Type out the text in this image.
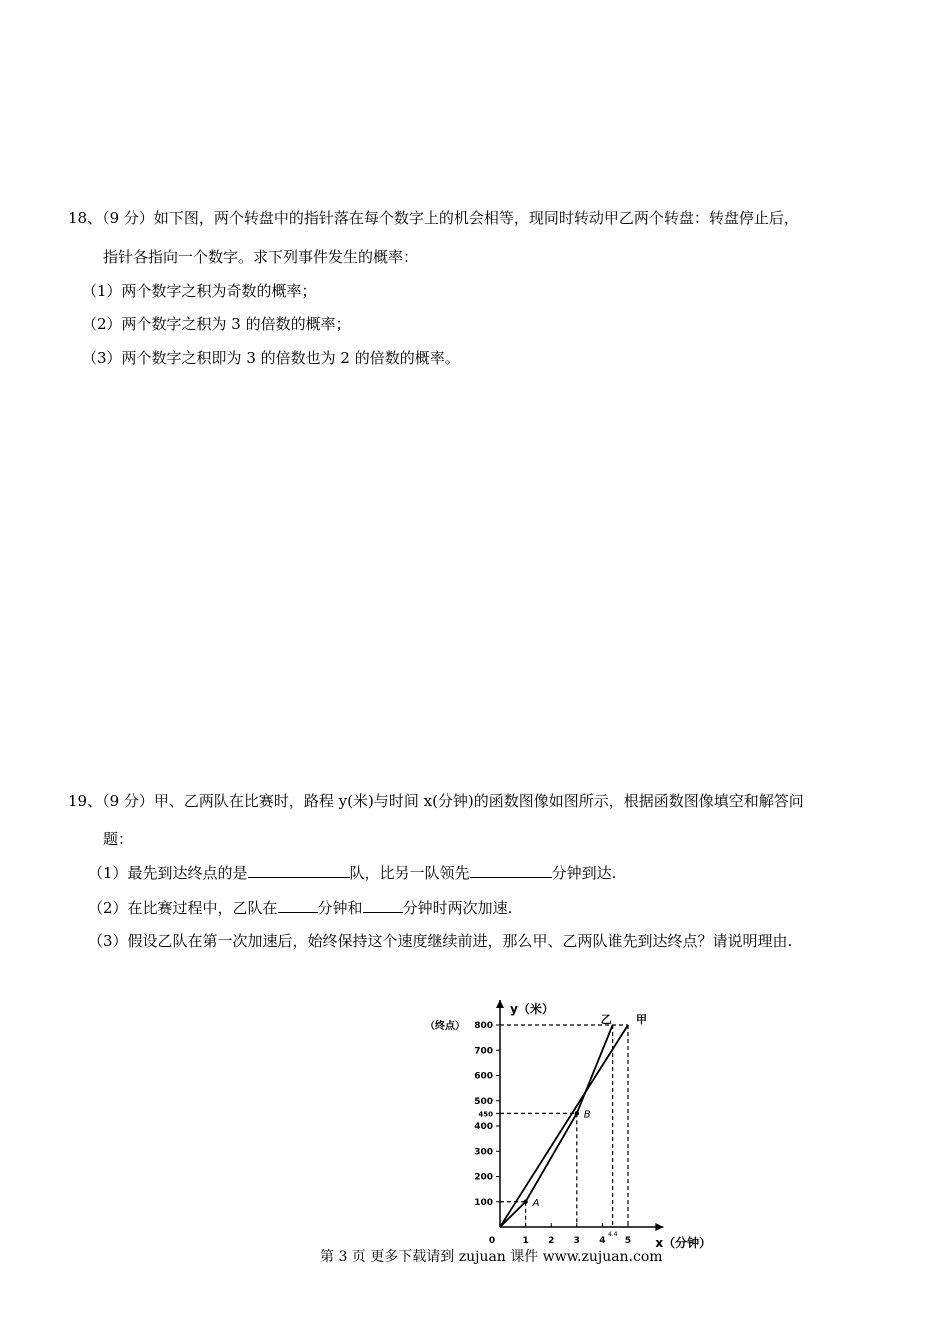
18、（9 分）如下图，两个转盘中的指针落在每个数字上的机会相等，现同时转动甲乙两个转盘：转盘停止后，
指针各指向一个数字。求下列事件发生的概率：
（1）两个数字之积为奇数的概率；
（2）两个数字之积为 3 的倍数的概率；
（3）两个数字之积即为 3 的倍数也为 2 的倍数的概率。
19、（9 分）甲、乙两队在比赛时，路程 y(米)与时间 x(分钟)的函数图像如图所示，根据函数图像填空和解答问
题：
（1）最先到达终点的是	队，比另一队领先	分钟到达.
（2）在比赛过程中，乙队在	分钟和	分钟时两次加速.
（3）假设乙队在第一次加速后，始终保持这个速度继续前进，那么甲、乙两队谁先到达终点？请说明理由.
100
200
300
400
450
500
600
700
800
0	1 2 3 4 5
4.4
甲
乙
A
B
y（米）
（终点）
x（分钟）
第 3 页 更多下载请到 zujuan 课件 www.zujuan.com
